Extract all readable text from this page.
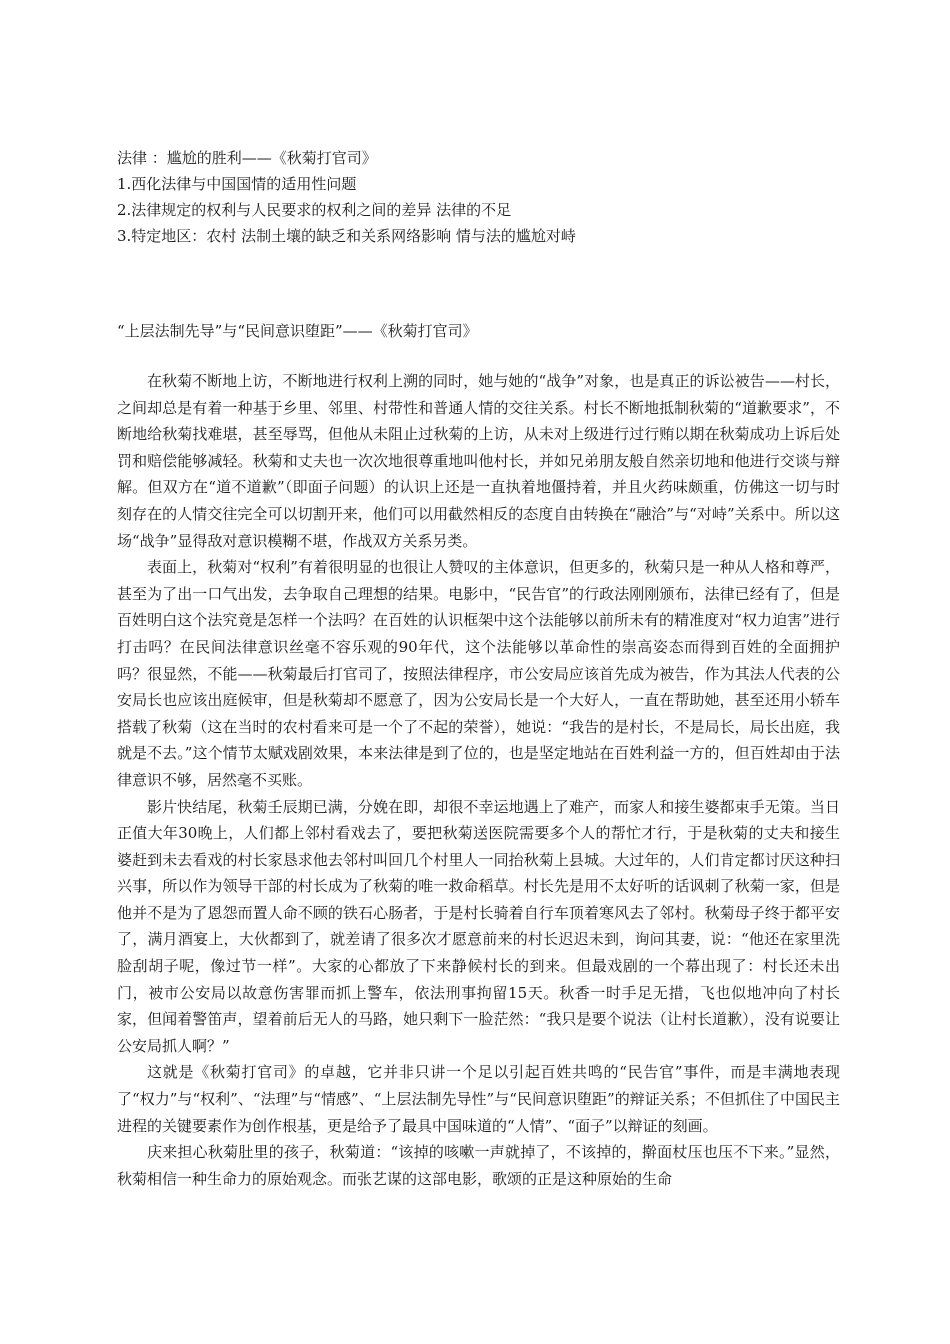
法律 ：尴尬的胜利——《秋菊打官司》
1.西化法律与中国国情的适用性问题
2.法律规定的权利与人民要求的权利之间的差异 法律的不足
3.特定地区：农村 法制土壤的缺乏和关系网络影响 情与法的尴尬对峙
“上层法制先导”与“民间意识堕距”——《秋菊打官司》

在秋菊不断地上访，不断地进行权利上溯的同时，她与她的“战争”对象，也是真正的诉讼被告——村长，之间却总是有着一种基于乡里、邻里、村带性和普通人情的交往关系。村长不断地抵制秋菊的“道歉要求”，不断地给秋菊找难堪，甚至辱骂，但他从未阻止过秋菊的上访，从未对上级进行过行贿以期在秋菊成功上诉后处罚和赔偿能够减轻。秋菊和丈夫也一次次地很尊重地叫他村长，并如兄弟朋友般自然亲切地和他进行交谈与辩解。但双方在“道不道歉”（即面子问题）的认识上还是一直执着地僵持着，并且火药味颇重，仿佛这一切与时刻存在的人情交往完全可以切割开来，他们可以用截然相反的态度自由转换在“融洽”与“对峙”关系中。所以这场“战争”显得敌对意识模糊不堪，作战双方关系另类。

表面上，秋菊对“权利”有着很明显的也很让人赞叹的主体意识，但更多的，秋菊只是一种从人格和尊严，甚至为了出一口气出发，去争取自己理想的结果。电影中，“民告官”的行政法刚刚颁布，法律已经有了，但是百姓明白这个法究竟是怎样一个法吗？在百姓的认识框架中这个法能够以前所未有的精准度对“权力迫害”进行打击吗？在民间法律意识丝毫不容乐观的90年代，这个法能够以革命性的崇高姿态而得到百姓的全面拥护吗？很显然，不能——秋菊最后打官司了，按照法律程序，市公安局应该首先成为被告，作为其法人代表的公安局长也应该出庭候审，但是秋菊却不愿意了，因为公安局长是一个大好人，一直在帮助她，甚至还用小轿车搭载了秋菊（这在当时的农村看来可是一个了不起的荣誉），她说：“我告的是村长，不是局长，局长出庭，我就是不去。”这个情节太赋戏剧效果，本来法律是到了位的，也是坚定地站在百姓利益一方的，但百姓却由于法律意识不够，居然毫不买账。

影片快结尾，秋菊壬辰期已满，分娩在即，却很不幸运地遇上了难产，而家人和接生婆都束手无策。当日正值大年30晚上，人们都上邻村看戏去了，要把秋菊送医院需要多个人的帮忙才行，于是秋菊的丈夫和接生婆赶到未去看戏的村长家恳求他去邻村叫回几个村里人一同抬秋菊上县城。大过年的，人们肯定都讨厌这种扫兴事，所以作为领导干部的村长成为了秋菊的唯一救命稻草。村长先是用不太好听的话讽刺了秋菊一家，但是他并不是为了恩怨而置人命不顾的铁石心肠者，于是村长骑着自行车顶着寒风去了邻村。秋菊母子终于都平安了，满月酒宴上，大伙都到了，就差请了很多次才愿意前来的村长迟迟未到，询问其妻，说：“他还在家里洗脸刮胡子呢，像过节一样”。大家的心都放了下来静候村长的到来。但最戏剧的一个幕出现了：村长还未出门，被市公安局以故意伤害罪而抓上警车，依法刑事拘留15天。秋香一时手足无措，飞也似地冲向了村长家，但闻着警笛声，望着前后无人的马路，她只剩下一脸茫然：“我只是要个说法（让村长道歉），没有说要让公安局抓人啊？”

这就是《秋菊打官司》的卓越，它并非只讲一个足以引起百姓共鸣的“民告官”事件，而是丰满地表现了“权力”与“权利”、“法理”与“情感”、“上层法制先导性”与“民间意识堕距”的辩证关系；不但抓住了中国民主进程的关键要素作为创作根基，更是给予了最具中国味道的“人情”、“面子”以辩证的刻画。

庆来担心秋菊肚里的孩子，秋菊道：“该掉的咳嗽一声就掉了，不该掉的，擀面杖压也压不下来。”显然，秋菊相信一种生命力的原始观念。而张艺谋的这部电影，歌颂的正是这种原始的生命
